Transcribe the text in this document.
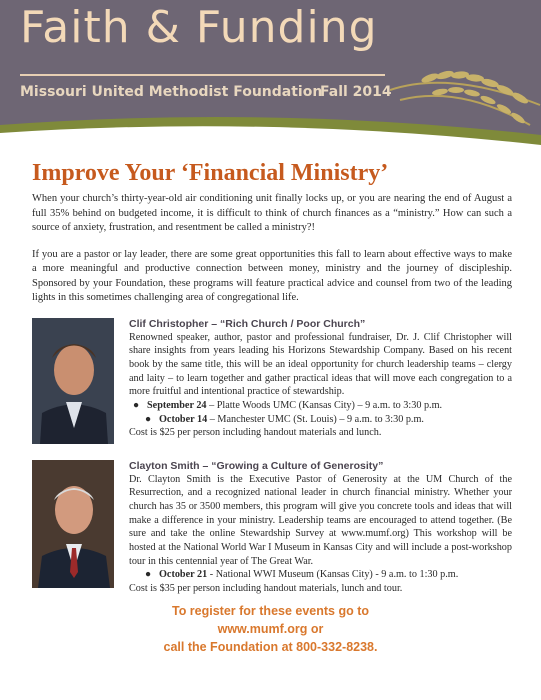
Faith & Funding
Missouri United Methodist Foundation
Fall 2014
Improve Your ‘Financial Ministry’

When your church’s thirty-year-old air conditioning unit finally locks up, or you are nearing the end of August a full 35% behind on budgeted income, it is difficult to think of church finances as a “ministry.” How can such a source of anxiety, frustration, and resentment be called a ministry?!

If you are a pastor or lay leader, there are some great opportunities this fall to learn about effective ways to make a more meaningful and productive connection between money, ministry and the journey of discipleship. Sponsored by your Foundation, these programs will feature practical advice and counsel from two of the leading lights in this sometimes challenging area of congregational life.

Clif Christopher – “Rich Church / Poor Church”

Renowned speaker, author, pastor and professional fundraiser, Dr. J. Clif Christopher will share insights from years leading his Horizons Stewardship Company. Based on his recent book by the same title, this will be an ideal opportunity for church leadership teams – clergy and laity – to learn together and gather practical ideas that will move each congregation to a more fruitful and intentional practice of stewardship.

● September 24 – Platte Woods UMC (Kansas City) – 9 a.m. to 3:30 p.m.
● October 14 – Manchester UMC (St. Louis) – 9 a.m. to 3:30 p.m.

Cost is $25 per person including handout materials and lunch.

Clayton Smith – “Growing a Culture of Generosity”

Dr. Clayton Smith is the Executive Pastor of Generosity at the UM Church of the Resurrection, and a recognized national leader in church financial ministry. Whether your church has 35 or 3500 members, this program will give you concrete tools and ideas that will make a difference in your ministry. Leadership teams are encouraged to attend together. (Be sure and take the online Stewardship Survey at www.mumf.org) This workshop will be hosted at the National World War I Museum in Kansas City and will include a post-workshop tour in this centennial year of The Great War.

● October 21 - National WWI Museum (Kansas City) - 9 a.m. to 1:30 p.m.

Cost is $35 per person including handout materials, lunch and tour.

To register for these events go to
www.mumf.org or
call the Foundation at 800-332-8238.
